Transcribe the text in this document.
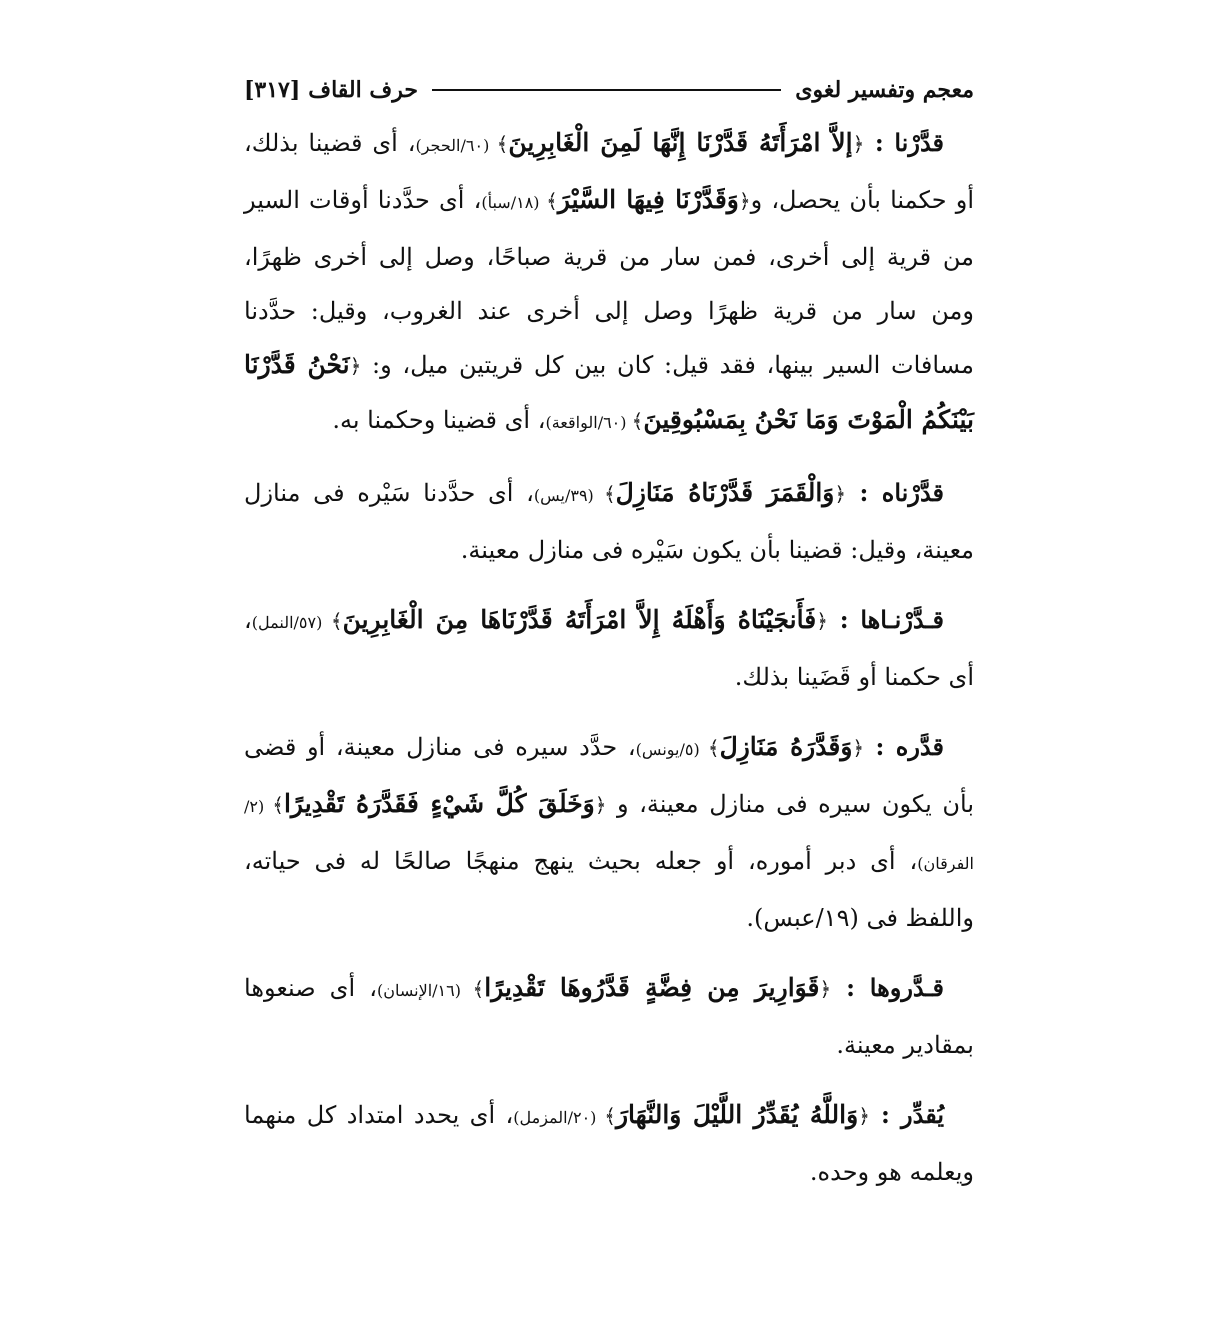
معجم وتفسير لغوى
حرف القاف
[٣١٧]

قدَّرْنا : ﴿إلاَّ امْرَأَتَهُ قَدَّرْنَا إِنَّهَا لَمِنَ الْغَابِرِينَ﴾ (٦٠/الحجر)، أى قضينا بذلك، أو حكمنا بأن يحصل، و﴿وَقَدَّرْنَا فِيهَا السَّيْرَ﴾ (١٨/سبأ)، أى حدَّدنا أوقات السير من قرية إلى أخرى، فمن سار من قرية صباحًا، وصل إلى أخرى ظهرًا، ومن سار من قرية ظهرًا وصل إلى أخرى عند الغروب، وقيل: حدَّدنا مسافات السير بينها، فقد قيل: كان بين كل قريتين ميل، و: ﴿نَحْنُ قَدَّرْنَا بَيْنَكُمُ الْمَوْتَ وَمَا نَحْنُ بِمَسْبُوقِينَ﴾ (٦٠/الواقعة)، أى قضينا وحكمنا به.

قدَّرْناه : ﴿وَالْقَمَرَ قَدَّرْنَاهُ مَنَازِلَ﴾ (٣٩/يس)، أى حدَّدنا سَيْره فى منازل معينة، وقيل: قضينا بأن يكون سَيْره فى منازل معينة.

قـدَّرْنـاها : ﴿فَأَنجَيْنَاهُ وَأَهْلَهُ إِلاَّ امْرَأَتَهُ قَدَّرْنَاهَا مِنَ الْغَابِرِينَ﴾ (٥٧/النمل)، أى حكمنا أو قَضَينا بذلك.

قدَّره : ﴿وَقَدَّرَهُ مَنَازِلَ﴾ (٥/يونس)، حدَّد سيره فى منازل معينة، أو قضى بأن يكون سيره فى منازل معينة، و ﴿وَخَلَقَ كُلَّ شَيْءٍ فَقَدَّرَهُ تَقْدِيرًا﴾ (٢/الفرقان)، أى دبر أموره، أو جعله بحيث ينهج منهجًا صالحًا له فى حياته، واللفظ فى (١٩/عبس).

قـدَّروها : ﴿قَوَارِيرَ مِن فِضَّةٍ قَدَّرُوهَا تَقْدِيرًا﴾ (١٦/الإنسان)، أى صنعوها بمقادير معينة.

يُقدِّر : ﴿وَاللَّهُ يُقَدِّرُ اللَّيْلَ وَالنَّهَارَ﴾ (٢٠/المزمل)، أى يحدد امتداد كل منهما ويعلمه هو وحده.
